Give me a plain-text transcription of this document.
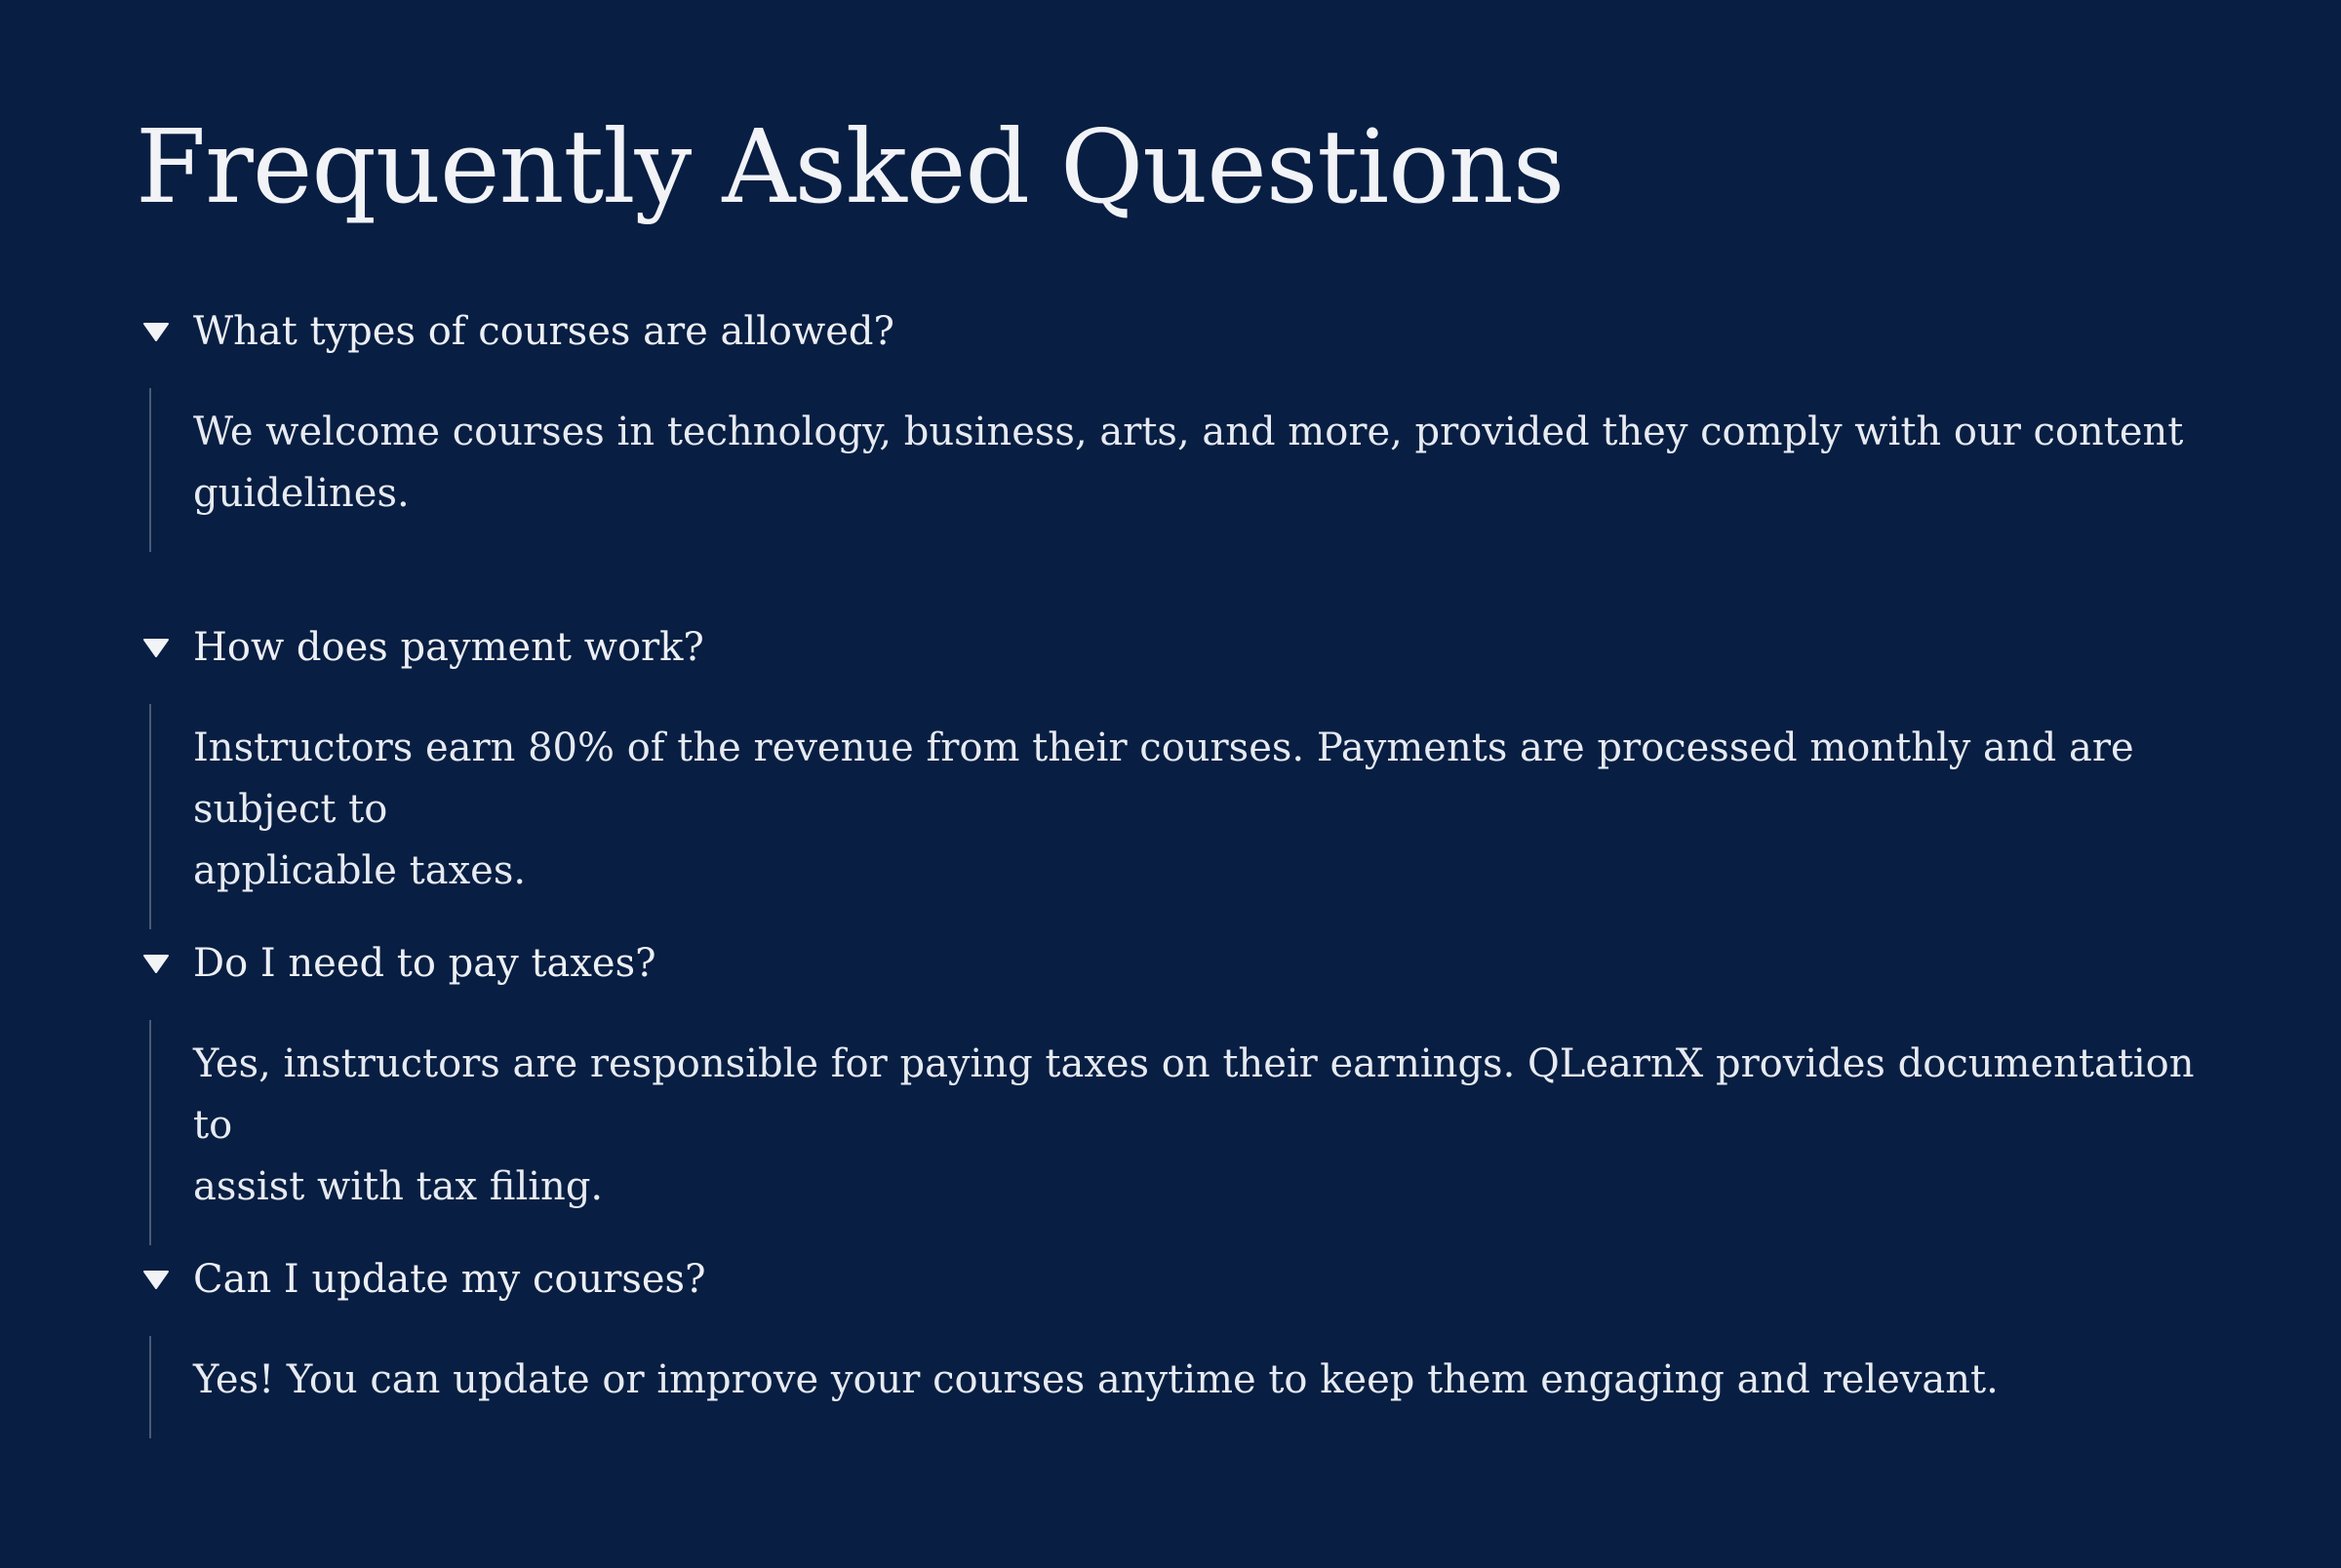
Frequently Asked Questions
What types of courses are allowed?

We welcome courses in technology, business, arts, and more, provided they comply with our content
guidelines.

How does payment work?

Instructors earn 80% of the revenue from their courses. Payments are processed monthly and are subject to
applicable taxes.

Do I need to pay taxes?

Yes, instructors are responsible for paying taxes on their earnings. QLearnX provides documentation to
assist with tax filing.

Can I update my courses?

Yes! You can update or improve your courses anytime to keep them engaging and relevant.
